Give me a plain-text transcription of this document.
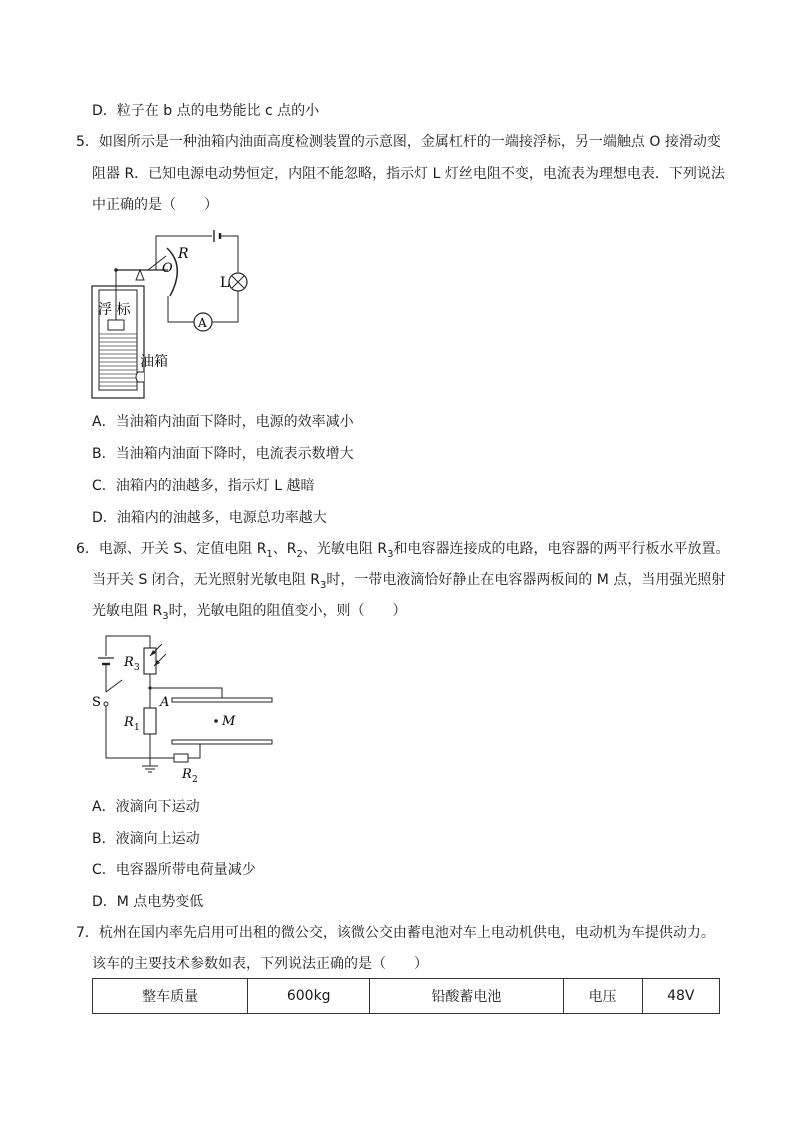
D．粒子在 b 点的电势能比 c 点的小
5．如图所示是一种油箱内油面高度检测装置的示意图，金属杠杆的一端接浮标，另一端触点 O 接滑动变
阻器 R．已知电源电动势恒定，内阻不能忽略，指示灯 L 灯丝电阻不变，电流表为理想电表．下列说法
中正确的是（　　）
O
R
L
A
浮 标
油箱
A．当油箱内油面下降时，电源的效率减小
B．当油箱内油面下降时，电流表示数增大
C．油箱内的油越多，指示灯 L 越暗
D．油箱内的油越多，电源总功率越大
6．电源、开关 S、定值电阻 $R_1$、$R_2$、光敏电阻 $R_3$和电容器连接成的电路，电容器的两平行板水平放置。
当开关 S 闭合，无光照射光敏电阻 $R_3$时，一带电液滴恰好静止在电容器两板间的 M 点，当用强光照射
光敏电阻 $R_3$时，光敏电阻的阻值变小，则（　　）
S
R 3
R 1
R 2
A
M
A．液滴向下运动
B．液滴向上运动
C．电容器所带电荷量减少
D．M 点电势变低
7．杭州在国内率先启用可出租的微公交，该微公交由蓄电池对车上电动机供电，电动机为车提供动力。
该车的主要技术参数如表，下列说法正确的是（　　）
整车质量	600kg	铅酸蓄电池	电压	48V
